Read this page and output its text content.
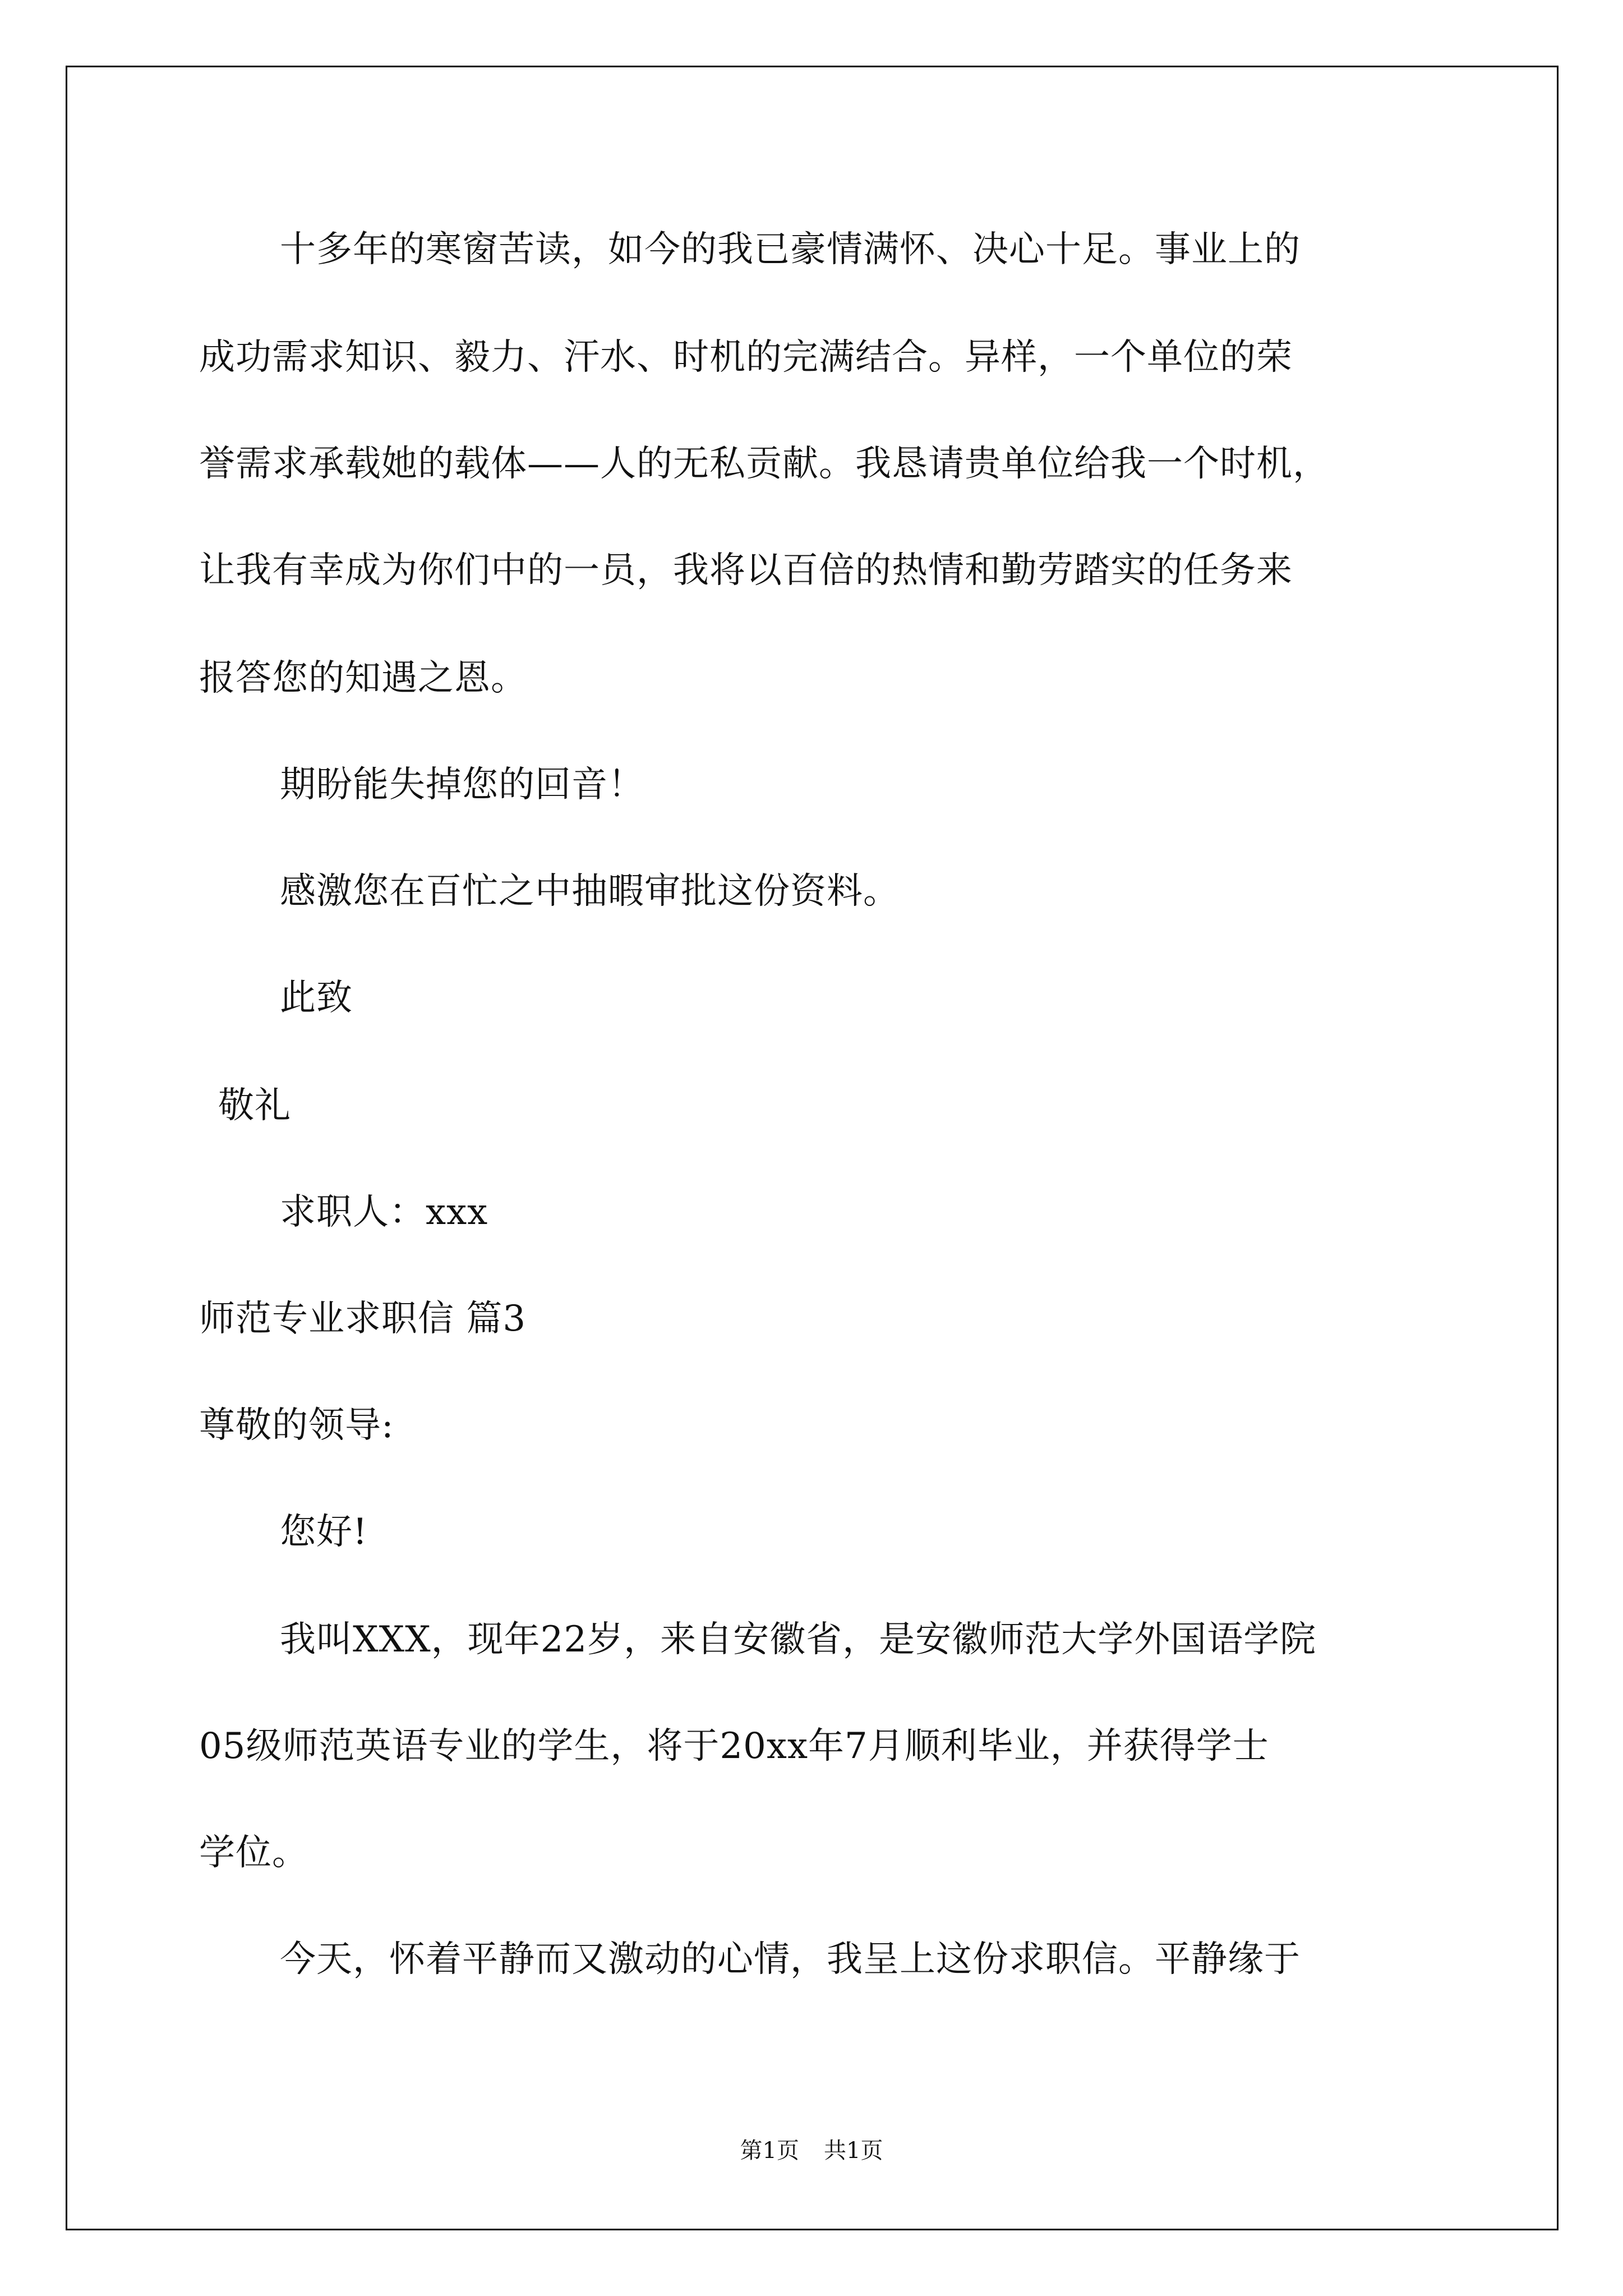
十多年的寒窗苦读，如今的我已豪情满怀、决心十足。事业上的
成功需求知识、毅力、汗水、时机的完满结合。异样，一个单位的荣
誉需求承载她的载体——人的无私贡献。我恳请贵单位给我一个时机，
让我有幸成为你们中的一员，我将以百倍的热情和勤劳踏实的任务来
报答您的知遇之恩。
期盼能失掉您的回音！
感激您在百忙之中抽暇审批这份资料。
此致
敬礼
求职人：xxx
师范专业求职信 篇3
尊敬的领导:
您好!
我叫XXX，现年22岁，来自安徽省，是安徽师范大学外国语学院
05级师范英语专业的学生，将于20xx年7月顺利毕业，并获得学士
学位。
今天，怀着平静而又激动的心情，我呈上这份求职信。平静缘于
第1页 共1页
